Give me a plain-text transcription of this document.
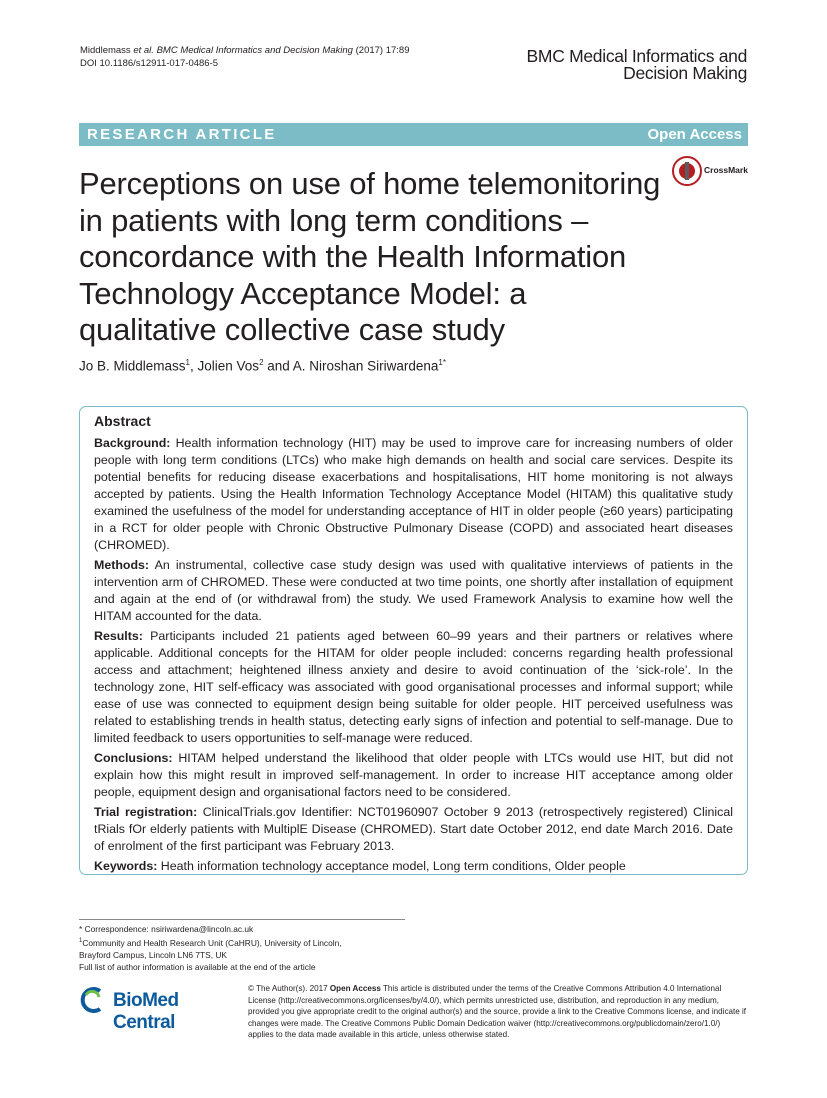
Middlemass et al. BMC Medical Informatics and Decision Making (2017) 17:89
DOI 10.1186/s12911-017-0486-5	BMC Medical Informatics and
Decision Making
RESEARCH ARTICLE	Open Access
Perceptions on use of home telemonitoring
in patients with long term conditions –
concordance with the Health Information
Technology Acceptance Model: a
qualitative collective case study
CrossMark
Jo B. Middlemass$^1$, Jolien Vos$^2$ and A. Niroshan Siriwardena$^{1*}$
Abstract

Background: Health information technology (HIT) may be used to improve care for increasing numbers of older people with long term conditions (LTCs) who make high demands on health and social care services. Despite its potential benefits for reducing disease exacerbations and hospitalisations, HIT home monitoring is not always accepted by patients. Using the Health Information Technology Acceptance Model (HITAM) this qualitative study examined the usefulness of the model for understanding acceptance of HIT in older people (≥60 years) participating in a RCT for older people with Chronic Obstructive Pulmonary Disease (COPD) and associated heart diseases (CHROMED).

Methods: An instrumental, collective case study design was used with qualitative interviews of patients in the intervention arm of CHROMED. These were conducted at two time points, one shortly after installation of equipment and again at the end of (or withdrawal from) the study. We used Framework Analysis to examine how well the HITAM accounted for the data.

Results: Participants included 21 patients aged between 60–99 years and their partners or relatives where applicable. Additional concepts for the HITAM for older people included: concerns regarding health professional access and attachment; heightened illness anxiety and desire to avoid continuation of the ‘sick-role’. In the technology zone, HIT self-efficacy was associated with good organisational processes and informal support; while ease of use was connected to equipment design being suitable for older people. HIT perceived usefulness was related to establishing trends in health status, detecting early signs of infection and potential to self-manage. Due to limited feedback to users opportunities to self-manage were reduced.

Conclusions: HITAM helped understand the likelihood that older people with LTCs would use HIT, but did not explain how this might result in improved self-management. In order to increase HIT acceptance among older people, equipment design and organisational factors need to be considered.

Trial registration: ClinicalTrials.gov Identifier: NCT01960907 October 9 2013 (retrospectively registered) Clinical tRials fOr elderly patients with MultiplE Disease (CHROMED). Start date October 2012, end date March 2016. Date of enrolment of the first participant was February 2013.

Keywords: Heath information technology acceptance model, Long term conditions, Older people

* Correspondence: nsiriwardena@lincoln.ac.uk
$^1$Community and Health Research Unit (CaHRU), University of Lincoln,
Brayford Campus, Lincoln LN6 7TS, UK
Full list of author information is available at the end of the article
BioMed Central
© The Author(s). 2017 Open Access This article is distributed under the terms of the Creative Commons Attribution 4.0 International License (http://creativecommons.org/licenses/by/4.0/), which permits unrestricted use, distribution, and reproduction in any medium, provided you give appropriate credit to the original author(s) and the source, provide a link to the Creative Commons license, and indicate if changes were made. The Creative Commons Public Domain Dedication waiver (http://creativecommons.org/publicdomain/zero/1.0/) applies to the data made available in this article, unless otherwise stated.
